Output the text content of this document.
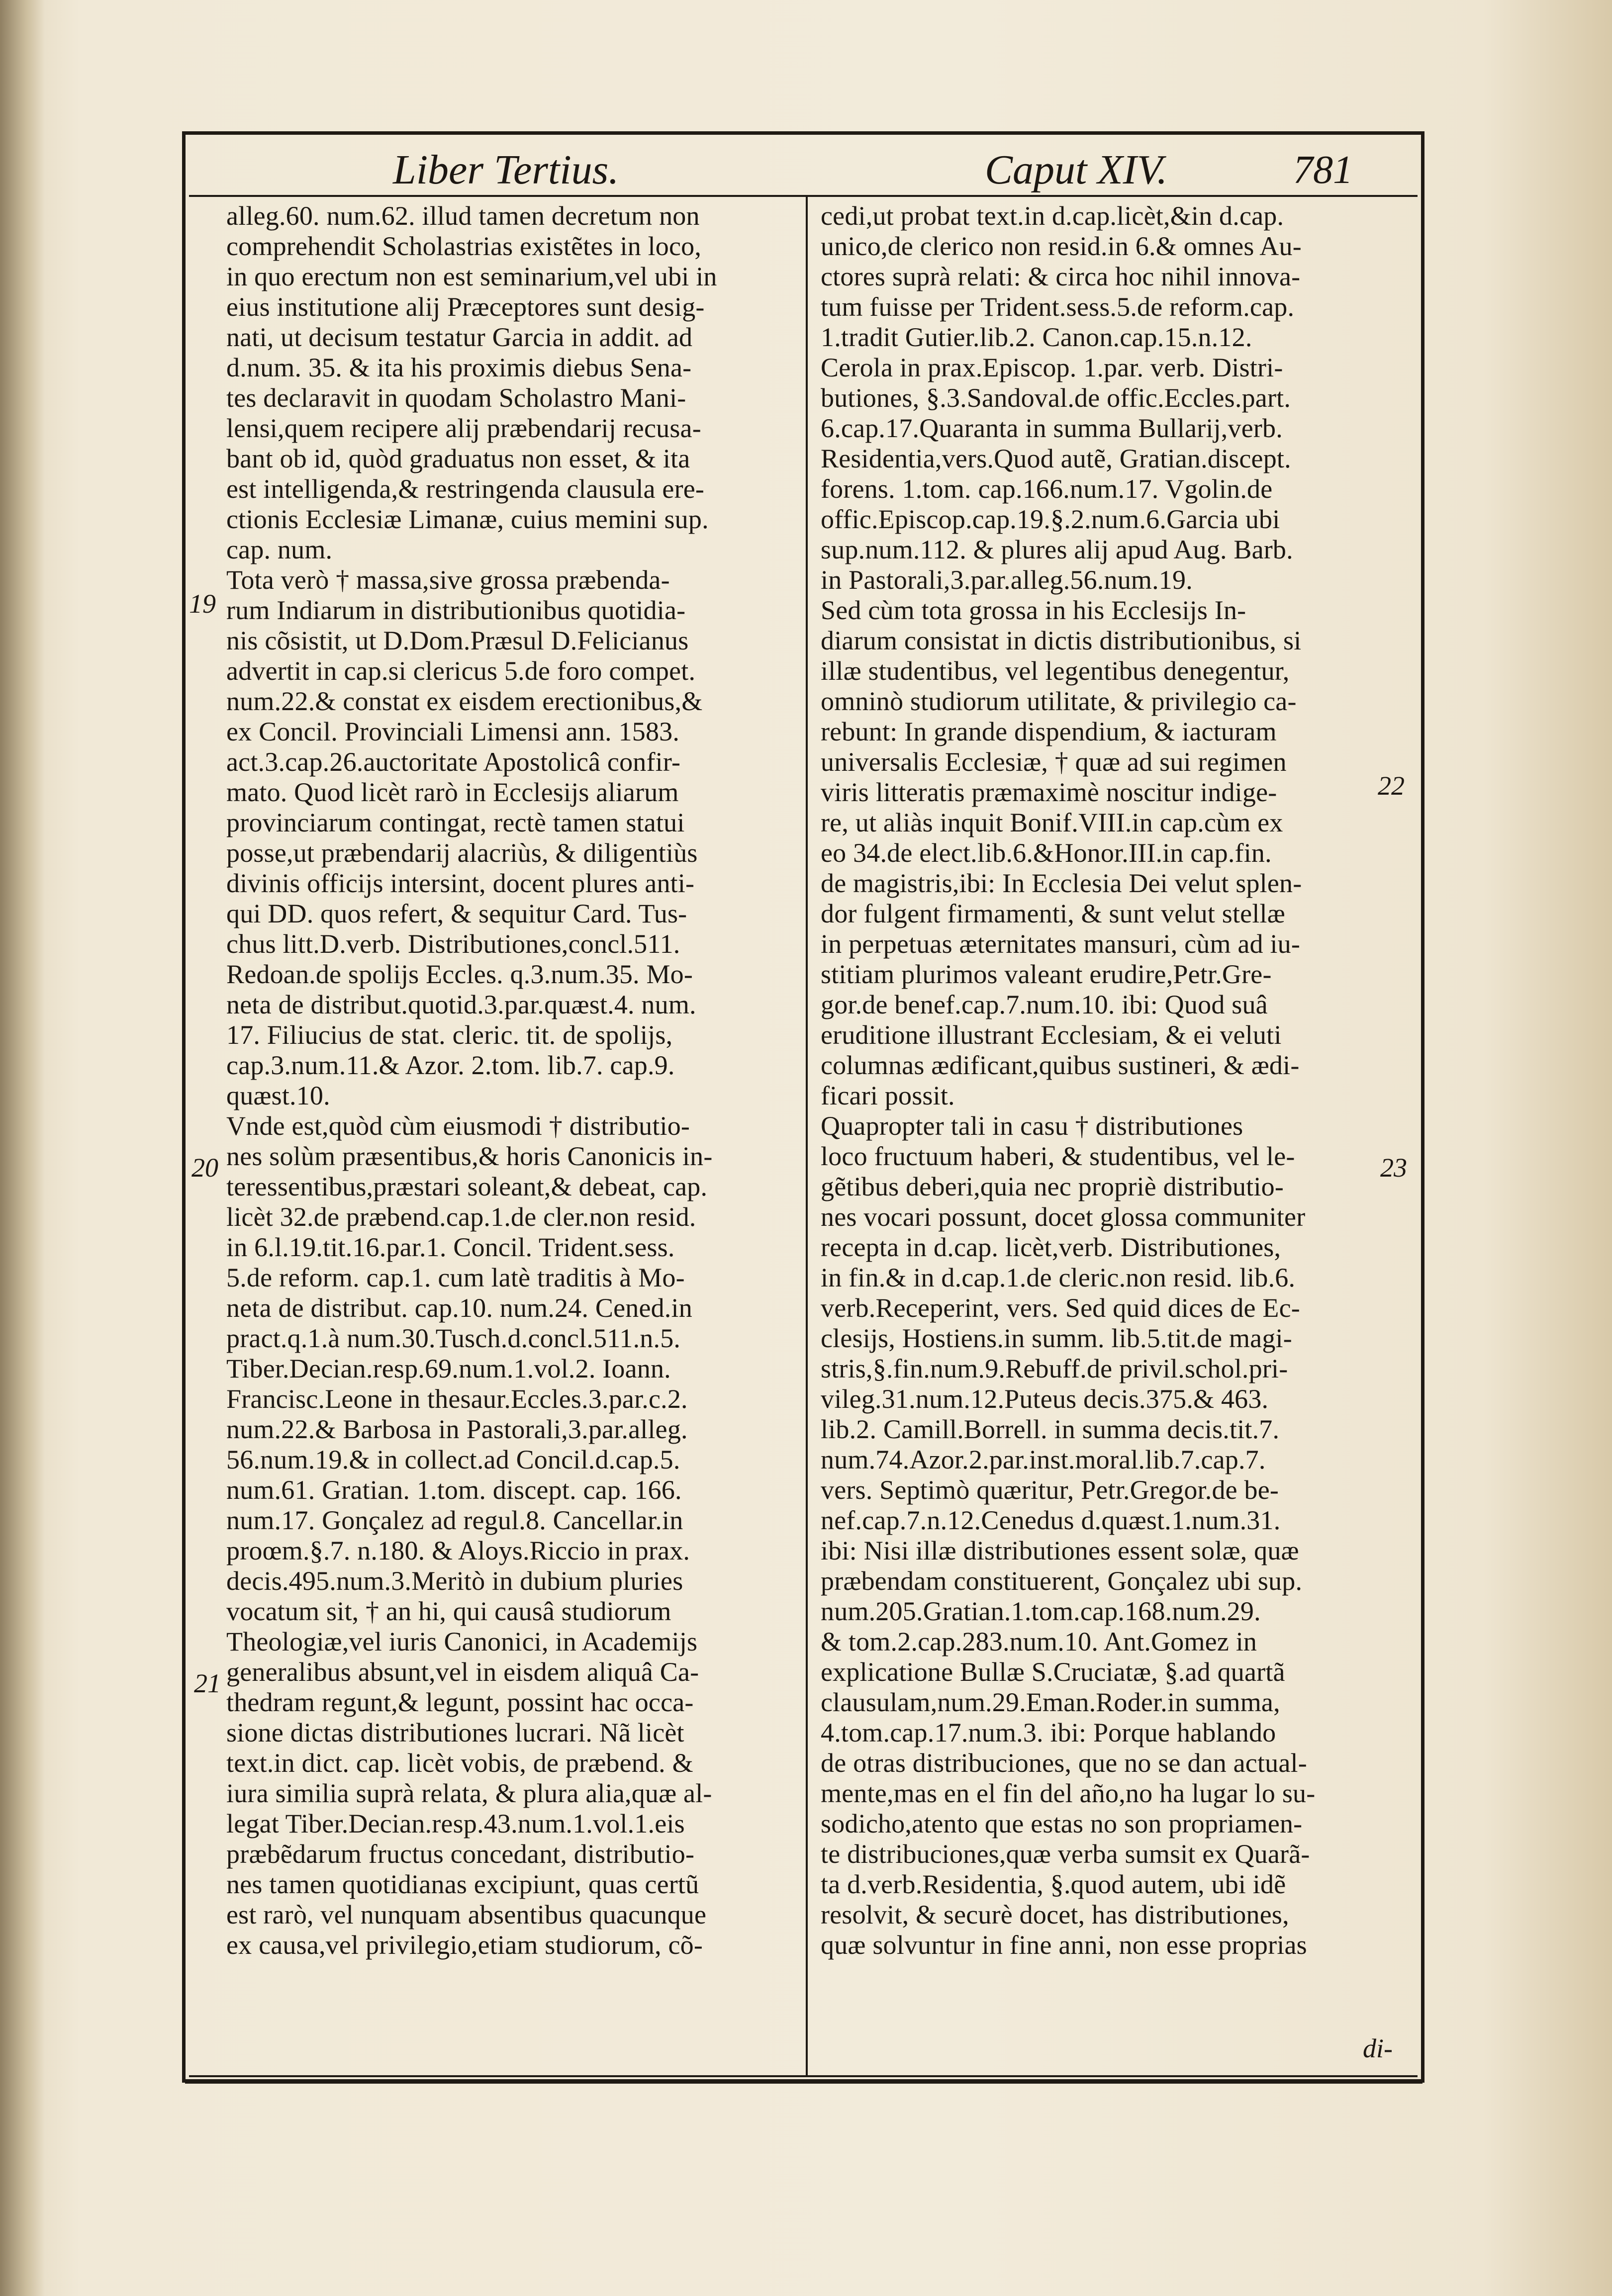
Liber Tertius.	Caput XIV.	781
19
20
21
22
23
alleg.60. num.62. illud tamen decretum non
comprehendit Scholastrias existẽtes in loco,
in quo erectum non est seminarium,vel ubi in
eius institutione alij Præceptores sunt desig-
nati, ut decisum testatur Garcia in addit. ad
d.num. 35. & ita his proximis diebus Sena-
tes declaravit in quodam Scholastro Mani-
lensi,quem recipere alij præbendarij recusa-
bant ob id, quòd graduatus non esset, & ita
est intelligenda,& restringenda clausula ere-
ctionis Ecclesiæ Limanæ, cuius memini sup.
cap. num.
Tota verò † massa,sive grossa præbenda-
rum Indiarum in distributionibus quotidia-
nis cõsistit, ut D.Dom.Præsul D.Felicianus
advertit in cap.si clericus 5.de foro compet.
num.22.& constat ex eisdem erectionibus,&
ex Concil. Provinciali Limensi ann. 1583.
act.3.cap.26.auctoritate Apostolicâ confir-
mato. Quod licèt rarò in Ecclesijs aliarum
provinciarum contingat, rectè tamen statui
posse,ut præbendarij alacriùs, & diligentiùs
divinis officijs intersint, docent plures anti-
qui DD. quos refert, & sequitur Card. Tus-
chus litt.D.verb. Distributiones,concl.511.
Redoan.de spolijs Eccles. q.3.num.35. Mo-
neta de distribut.quotid.3.par.quæst.4. num.
17. Filiucius de stat. cleric. tit. de spolijs,
cap.3.num.11.& Azor. 2.tom. lib.7. cap.9.
quæst.10.
Vnde est,quòd cùm eiusmodi † distributio-
nes solùm præsentibus,& horis Canonicis in-
teressentibus,præstari soleant,& debeat, cap.
licèt 32.de præbend.cap.1.de cler.non resid.
in 6.l.19.tit.16.par.1. Concil. Trident.sess.
5.de reform. cap.1. cum latè traditis à Mo-
neta de distribut. cap.10. num.24. Cened.in
pract.q.1.à num.30.Tusch.d.concl.511.n.5.
Tiber.Decian.resp.69.num.1.vol.2. Ioann.
Francisc.Leone in thesaur.Eccles.3.par.c.2.
num.22.& Barbosa in Pastorali,3.par.alleg.
56.num.19.& in collect.ad Concil.d.cap.5.
num.61. Gratian. 1.tom. discept. cap. 166.
num.17. Gonçalez ad regul.8. Cancellar.in
proœm.§.7. n.180. & Aloys.Riccio in prax.
decis.495.num.3.Meritò in dubium pluries
vocatum sit, † an hi, qui causâ studiorum
Theologiæ,vel iuris Canonici, in Academijs
generalibus absunt,vel in eisdem aliquâ Ca-
thedram regunt,& legunt, possint hac occa-
sione dictas distributiones lucrari. Nã licèt
text.in dict. cap. licèt vobis, de præbend. &
iura similia suprà relata, & plura alia,quæ al-
legat Tiber.Decian.resp.43.num.1.vol.1.eis
præbẽdarum fructus concedant, distributio-
nes tamen quotidianas excipiunt, quas certũ
est rarò, vel nunquam absentibus quacunque
ex causa,vel privilegio,etiam studiorum, cõ-
cedi,ut probat text.in d.cap.licèt,&in d.cap.
unico,de clerico non resid.in 6.& omnes Au-
ctores suprà relati: & circa hoc nihil innova-
tum fuisse per Trident.sess.5.de reform.cap.
1.tradit Gutier.lib.2. Canon.cap.15.n.12.
Cerola in prax.Episcop. 1.par. verb. Distri-
butiones, §.3.Sandoval.de offic.Eccles.part.
6.cap.17.Quaranta in summa Bullarij,verb.
Residentia,vers.Quod autẽ, Gratian.discept.
forens. 1.tom. cap.166.num.17. Vgolin.de
offic.Episcop.cap.19.§.2.num.6.Garcia ubi
sup.num.112. & plures alij apud Aug. Barb.
in Pastorali,3.par.alleg.56.num.19.
Sed cùm tota grossa in his Ecclesijs In-
diarum consistat in dictis distributionibus, si
illæ studentibus, vel legentibus denegentur,
omninò studiorum utilitate, & privilegio ca-
rebunt: In grande dispendium, & iacturam
universalis Ecclesiæ, † quæ ad sui regimen
viris litteratis præmaximè noscitur indige-
re, ut aliàs inquit Bonif.VIII.in cap.cùm ex
eo 34.de elect.lib.6.&Honor.III.in cap.fin.
de magistris,ibi: In Ecclesia Dei velut splen-
dor fulgent firmamenti, & sunt velut stellæ
in perpetuas æternitates mansuri, cùm ad iu-
stitiam plurimos valeant erudire,Petr.Gre-
gor.de benef.cap.7.num.10. ibi: Quod suâ
eruditione illustrant Ecclesiam, & ei veluti
columnas ædificant,quibus sustineri, & ædi-
ficari possit.
Quapropter tali in casu † distributiones
loco fructuum haberi, & studentibus, vel le-
gẽtibus deberi,quia nec propriè distributio-
nes vocari possunt, docet glossa communiter
recepta in d.cap. licèt,verb. Distributiones,
in fin.& in d.cap.1.de cleric.non resid. lib.6.
verb.Receperint, vers. Sed quid dices de Ec-
clesijs, Hostiens.in summ. lib.5.tit.de magi-
stris,§.fin.num.9.Rebuff.de privil.schol.pri-
vileg.31.num.12.Puteus decis.375.& 463.
lib.2. Camill.Borrell. in summa decis.tit.7.
num.74.Azor.2.par.inst.moral.lib.7.cap.7.
vers. Septimò quæritur, Petr.Gregor.de be-
nef.cap.7.n.12.Cenedus d.quæst.1.num.31.
ibi: Nisi illæ distributiones essent solæ, quæ
præbendam constituerent, Gonçalez ubi sup.
num.205.Gratian.1.tom.cap.168.num.29.
& tom.2.cap.283.num.10. Ant.Gomez in
explicatione Bullæ S.Cruciatæ, §.ad quartã
clausulam,num.29.Eman.Roder.in summa,
4.tom.cap.17.num.3. ibi: Porque hablando
de otras distribuciones, que no se dan actual-
mente,mas en el fin del año,no ha lugar lo su-
sodicho,atento que estas no son propriamen-
te distribuciones,quæ verba sumsit ex Quarã-
ta d.verb.Residentia, §.quod autem, ubi idẽ
resolvit, & securè docet, has distributiones,
quæ solvuntur in fine anni, non esse proprias
di-
